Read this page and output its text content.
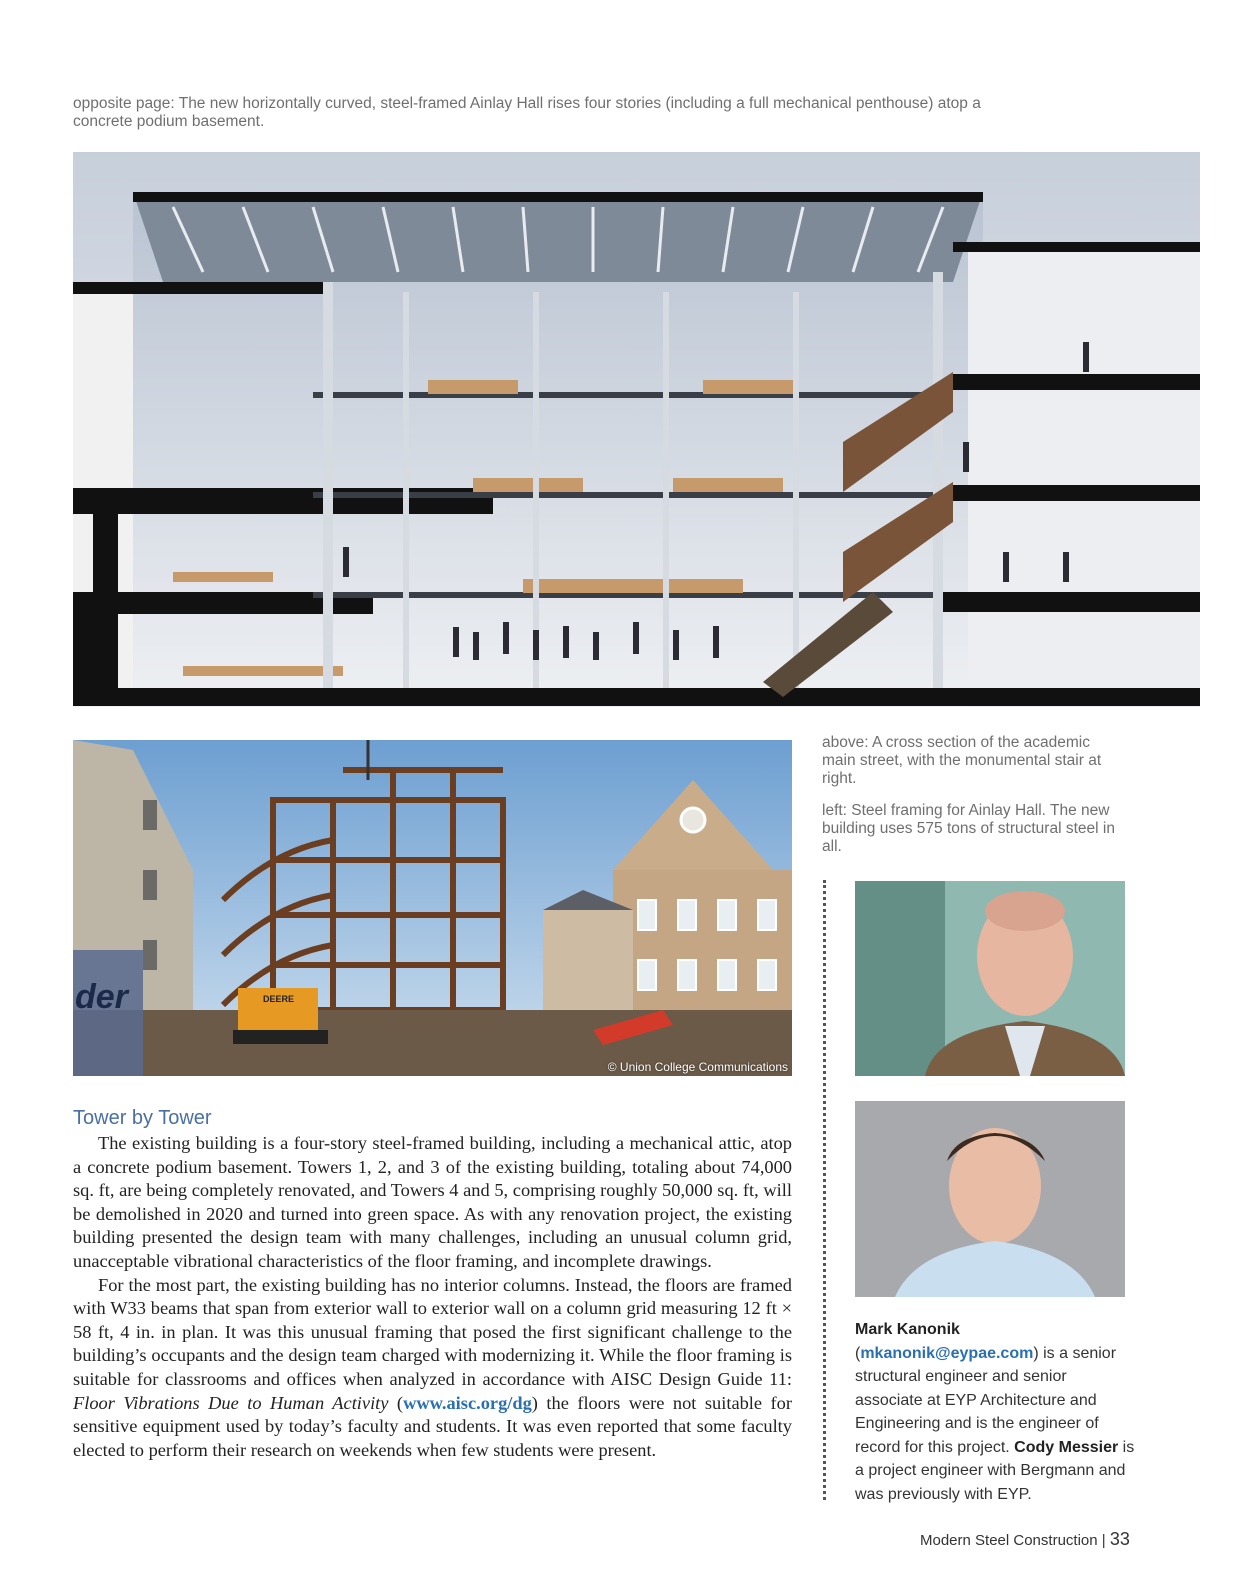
opposite page: The new horizontally curved, steel-framed Ainlay Hall rises four stories (including a full mechanical penthouse) atop a concrete podium basement.
© EYP
DEERE
der
© Union College Communications
above: A cross section of the academic main street, with the monumental stair at right.
left: Steel framing for Ainlay Hall. The new building uses 575 tons of structural steel in all.
Tower by Tower

The existing building is a four-story steel-framed building, including a mechanical attic, atop a concrete podium basement. Towers 1, 2, and 3 of the existing building, totaling about 74,000 sq. ft, are being completely renovated, and Towers 4 and 5, comprising roughly 50,000 sq. ft, will be demolished in 2020 and turned into green space. As with any renovation project, the existing building presented the design team with many challenges, including an unusual column grid, unacceptable vibrational characteristics of the floor framing, and incomplete drawings.

For the most part, the existing building has no interior columns. Instead, the floors are framed with W33 beams that span from exterior wall to exterior wall on a column grid measuring 12 ft × 58 ft, 4 in. in plan. It was this unusual framing that posed the first significant challenge to the building’s occupants and the design team charged with modernizing it. While the floor framing is suitable for classrooms and offices when analyzed in accordance with AISC Design Guide 11: Floor Vibrations Due to Human Activity (www.aisc.org/dg) the floors were not suitable for sensitive equipment used by today’s faculty and students. It was even reported that some faculty elected to perform their research on weekends when few students were present.

Mark Kanonik (mkanonik@eypae.com) is a senior structural engineer and senior associate at EYP Architecture and Engineering and is the engineer of record for this project. Cody Messier is a project engineer with Bergmann and was previously with EYP.
Modern Steel Construction | 33
